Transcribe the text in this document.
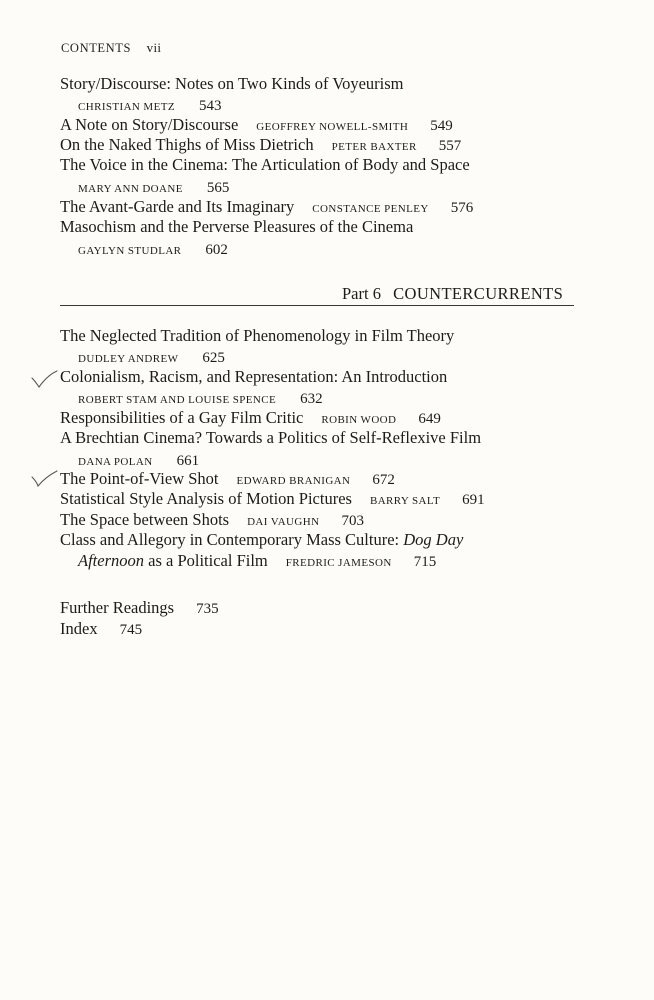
CONTENTS vii
Story/Discourse: Notes on Two Kinds of Voyeurism
CHRISTIAN METZ 543
A Note on Story/Discourse GEOFFREY NOWELL-SMITH 549
On the Naked Thighs of Miss Dietrich PETER BAXTER 557
The Voice in the Cinema: The Articulation of Body and Space
MARY ANN DOANE 565
The Avant-Garde and Its Imaginary CONSTANCE PENLEY 576
Masochism and the Perverse Pleasures of the Cinema
GAYLYN STUDLAR 602
Part 6 COUNTERCURRENTS
The Neglected Tradition of Phenomenology in Film Theory
DUDLEY ANDREW 625
Colonialism, Racism, and Representation: An Introduction
ROBERT STAM AND LOUISE SPENCE 632
Responsibilities of a Gay Film Critic ROBIN WOOD 649
A Brechtian Cinema? Towards a Politics of Self-Reflexive Film
DANA POLAN 661
The Point-of-View Shot EDWARD BRANIGAN 672
Statistical Style Analysis of Motion Pictures BARRY SALT 691
The Space between Shots DAI VAUGHN 703
Class and Allegory in Contemporary Mass Culture: Dog Day
Afternoon as a Political Film FREDRIC JAMESON 715
Further Readings 735
Index 745
